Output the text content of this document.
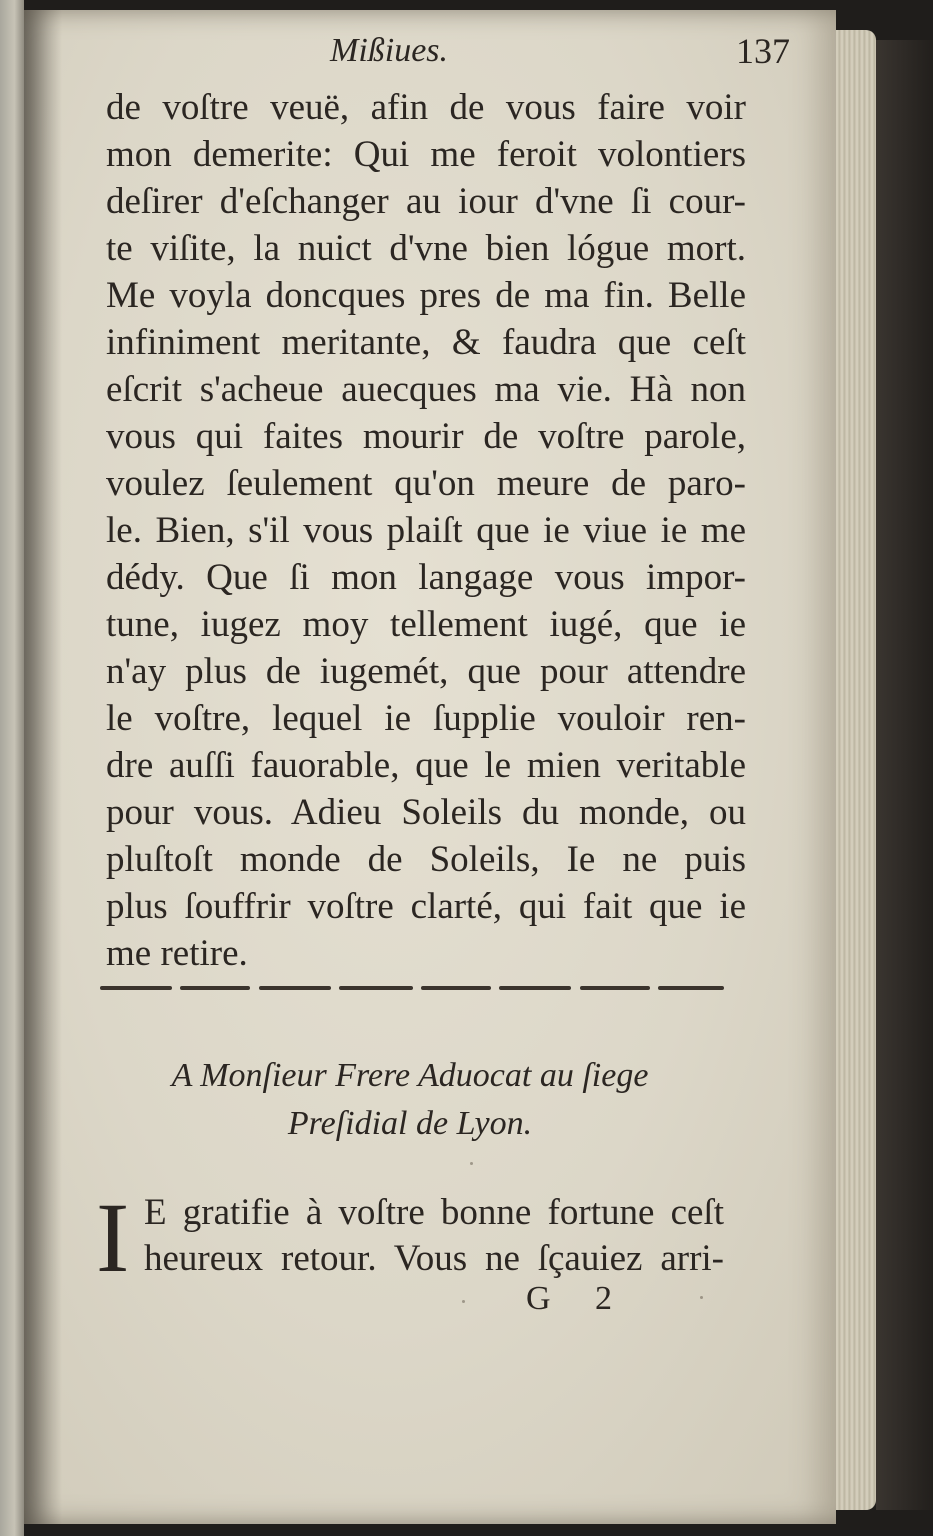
Mißiues.	137
de voſtre veuë, afin de vous faire voir
mon demerite: Qui me feroit volontiers
deſirer d'eſchanger au iour d'vne ſi cour-
te viſite, la nuict d'vne bien lógue mort.
Me voyla doncques pres de ma fin. Belle
infiniment meritante, & faudra que ceſt
eſcrit s'acheue auecques ma vie. Hà non
vous qui faites mourir de voſtre parole,
voulez ſeulement qu'on meure de paro-
le. Bien, s'il vous plaiſt que ie viue ie me
dédy. Que ſi mon langage vous impor-
tune, iugez moy tellement iugé, que ie
n'ay plus de iugemét, que pour attendre
le voſtre, lequel ie ſupplie vouloir ren-
dre auſſi fauorable, que le mien veritable
pour vous. Adieu Soleils du monde, ou
pluſtoſt monde de Soleils, Ie ne puis
plus ſouffrir voſtre clarté, qui fait que ie
me retire.
A Monſieur Frere Aduocat au ſiege
Preſidial de Lyon.
I E gratifie à voſtre bonne fortune ceſt
heureux retour. Vous ne ſçauiez arri-
G 2
